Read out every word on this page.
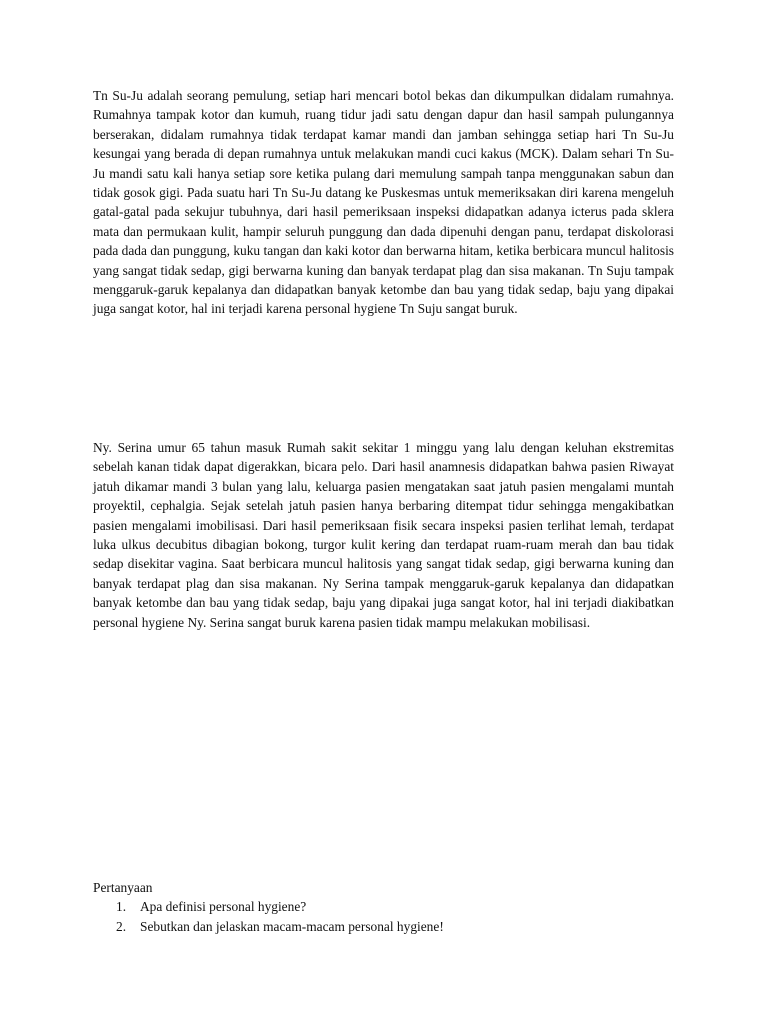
Tn Su-Ju adalah seorang pemulung, setiap hari mencari botol bekas dan dikumpulkan didalam rumahnya. Rumahnya tampak kotor dan kumuh, ruang tidur jadi satu dengan dapur dan hasil sampah pulungannya berserakan, didalam rumahnya tidak terdapat kamar mandi dan jamban sehingga setiap hari Tn Su-Ju kesungai yang berada di depan rumahnya untuk melakukan mandi cuci kakus (MCK). Dalam sehari Tn Su-Ju mandi satu kali hanya setiap sore ketika pulang dari memulung sampah tanpa menggunakan sabun dan tidak gosok gigi. Pada suatu hari Tn Su-Ju datang ke Puskesmas untuk memeriksakan diri karena mengeluh gatal-gatal pada sekujur tubuhnya, dari hasil pemeriksaan inspeksi didapatkan adanya icterus pada sklera mata dan permukaan kulit, hampir seluruh punggung dan dada dipenuhi dengan panu, terdapat diskolorasi pada dada dan punggung, kuku tangan dan kaki kotor dan berwarna hitam, ketika berbicara muncul halitosis yang sangat tidak sedap, gigi berwarna kuning dan banyak terdapat plag dan sisa makanan. Tn Suju tampak menggaruk-garuk kepalanya dan didapatkan banyak ketombe dan bau yang tidak sedap, baju yang dipakai juga sangat kotor, hal ini terjadi karena personal hygiene Tn Suju sangat buruk.

Ny. Serina umur 65 tahun masuk Rumah sakit sekitar 1 minggu yang lalu dengan keluhan ekstremitas sebelah kanan tidak dapat digerakkan, bicara pelo. Dari hasil anamnesis didapatkan bahwa pasien Riwayat jatuh dikamar mandi 3 bulan yang lalu, keluarga pasien mengatakan saat jatuh pasien mengalami muntah proyektil, cephalgia. Sejak setelah jatuh pasien hanya berbaring ditempat tidur sehingga mengakibatkan pasien mengalami imobilisasi. Dari hasil pemeriksaan fisik secara inspeksi pasien terlihat lemah, terdapat luka ulkus decubitus dibagian bokong, turgor kulit kering dan terdapat ruam-ruam merah dan bau tidak sedap disekitar vagina. Saat berbicara muncul halitosis yang sangat tidak sedap, gigi berwarna kuning dan banyak terdapat plag dan sisa makanan. Ny Serina tampak menggaruk-garuk kepalanya dan didapatkan banyak ketombe dan bau yang tidak sedap, baju yang dipakai juga sangat kotor, hal ini terjadi diakibatkan personal hygiene Ny. Serina sangat buruk karena pasien tidak mampu melakukan mobilisasi.

Pertanyaan

1. Apa definisi personal hygiene?
2. Sebutkan dan jelaskan macam-macam personal hygiene!
